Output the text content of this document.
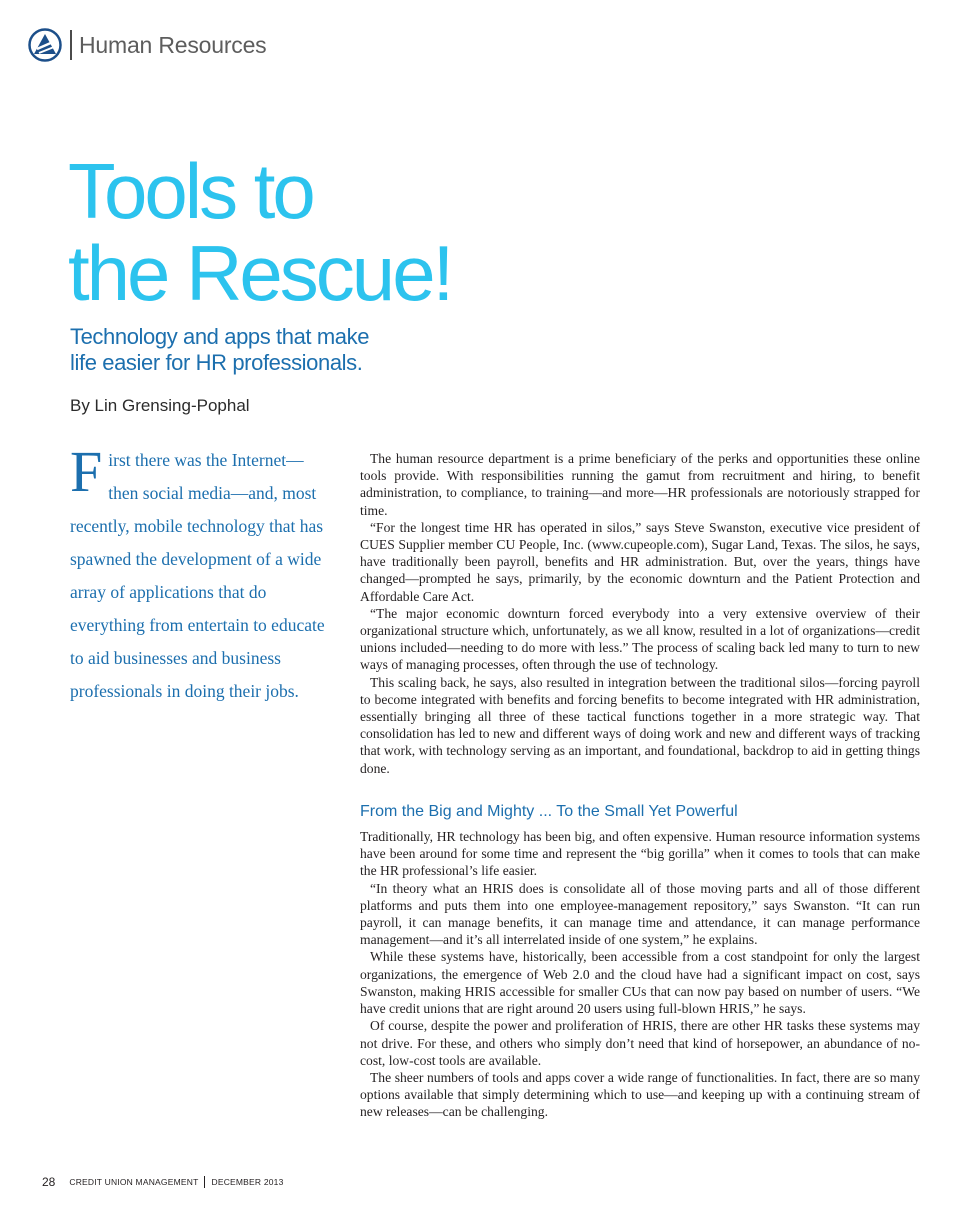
Human Resources
Tools to
the Rescue!
Technology and apps that make
life easier for HR professionals.
By Lin Grensing-Pophal

First there was the Internet—then social media—and, most recently, mobile technology that has spawned the development of a wide array of applications that do everything from entertain to educate to aid businesses and business professionals in doing their jobs.

The human resource department is a prime beneficiary of the perks and opportunities these online tools provide. With responsibilities running the gamut from recruitment and hiring, to benefit administration, to compliance, to training—and more—HR professionals are notoriously strapped for time.

“For the longest time HR has operated in silos,” says Steve Swanston, executive vice president of CUES Supplier member CU People, Inc. (www.cupeople.com), Sugar Land, Texas. The silos, he says, have traditionally been payroll, benefits and HR administration. But, over the years, things have changed—prompted he says, primarily, by the economic downturn and the Patient Protection and Affordable Care Act.

“The major economic downturn forced everybody into a very extensive overview of their organizational structure which, unfortunately, as we all know, resulted in a lot of organizations—credit unions included—needing to do more with less.” The process of scaling back led many to turn to new ways of managing processes, often through the use of technology.

This scaling back, he says, also resulted in integration between the traditional silos—forcing payroll to become integrated with benefits and forcing benefits to become integrated with HR administration, essentially bringing all three of these tactical functions together in a more strategic way. That consolidation has led to new and different ways of doing work and new and different ways of tracking that work, with technology serving as an important, and foundational, backdrop to aid in getting things done.

From the Big and Mighty ... To the Small Yet Powerful

Traditionally, HR technology has been big, and often expensive. Human resource information systems have been around for some time and represent the “big gorilla” when it comes to tools that can make the HR professional’s life easier.

“In theory what an HRIS does is consolidate all of those moving parts and all of those different platforms and puts them into one employee-management repository,” says Swanston. “It can run payroll, it can manage benefits, it can manage time and attendance, it can manage performance management—and it’s all interrelated inside of one system,” he explains.

While these systems have, historically, been accessible from a cost standpoint for only the largest organizations, the emergence of Web 2.0 and the cloud have had a significant impact on cost, says Swanston, making HRIS accessible for smaller CUs that can now pay based on number of users. “We have credit unions that are right around 20 users using full-blown HRIS,” he says.

Of course, despite the power and proliferation of HRIS, there are other HR tasks these systems may not drive. For these, and others who simply don’t need that kind of horsepower, an abundance of no-cost, low-cost tools are available.

The sheer numbers of tools and apps cover a wide range of functionalities. In fact, there are so many options available that simply determining which to use—and keeping up with a continuing stream of new releases—can be challenging.

28 CREDIT UNION MANAGEMENT DECEMBER 2013
